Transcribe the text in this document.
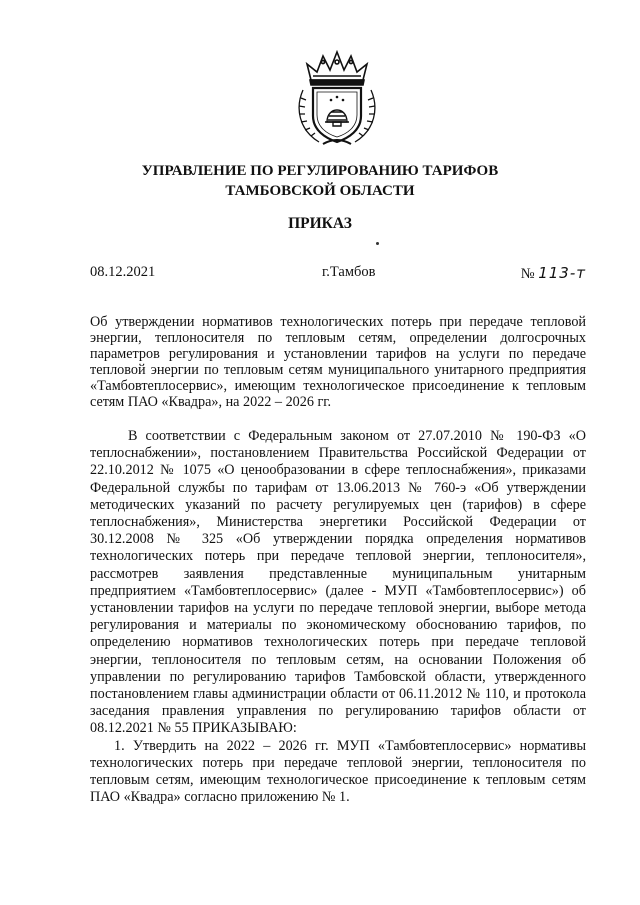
УПРАВЛЕНИЕ ПО РЕГУЛИРОВАНИЮ ТАРИФОВ
ТАМБОВСКОЙ ОБЛАСТИ
ПРИКАЗ
08.12.2021	г.Тамбов	№ 113-т
Об утверждении нормативов технологических потерь при передаче тепловой энергии, теплоносителя по тепловым сетям, определении долгосрочных параметров регулирования и установлении тарифов на услуги по передаче тепловой энергии по тепловым сетям муниципального унитарного предприятия «Тамбовтеплосервис», имеющим технологическое присоединение к тепловым сетям ПАО «Квадра», на 2022 – 2026 гг.

В соответствии с Федеральным законом от 27.07.2010 № 190-ФЗ «О теплоснабжении», постановлением Правительства Российской Федерации от 22.10.2012 № 1075 «О ценообразовании в сфере теплоснабжения», приказами Федеральной службы по тарифам от 13.06.2013 № 760-э «Об утверждении методических указаний по расчету регулируемых цен (тарифов) в сфере теплоснабжения», Министерства энергетики Российской Федерации от 30.12.2008 № 325 «Об утверждении порядка определения нормативов технологических потерь при передаче тепловой энергии, теплоносителя», рассмотрев заявления представленные муниципальным унитарным предприятием «Тамбовтеплосервис» (далее - МУП «Тамбовтеплосервис») об установлении тарифов на услуги по передаче тепловой энергии, выборе метода регулирования и материалы по экономическому обоснованию тарифов, по определению нормативов технологических потерь при передаче тепловой энергии, теплоносителя по тепловым сетям, на основании Положения об управлении по регулированию тарифов Тамбовской области, утвержденного постановлением главы администрации области от 06.11.2012 № 110, и протокола заседания правления управления по регулированию тарифов области от 08.12.2021 № 55 ПРИКАЗЫВАЮ:

1. Утвердить на 2022 – 2026 гг. МУП «Тамбовтеплосервис» нормативы технологических потерь при передаче тепловой энергии, теплоносителя по тепловым сетям, имеющим технологическое присоединение к тепловым сетям ПАО «Квадра» согласно приложению № 1.
